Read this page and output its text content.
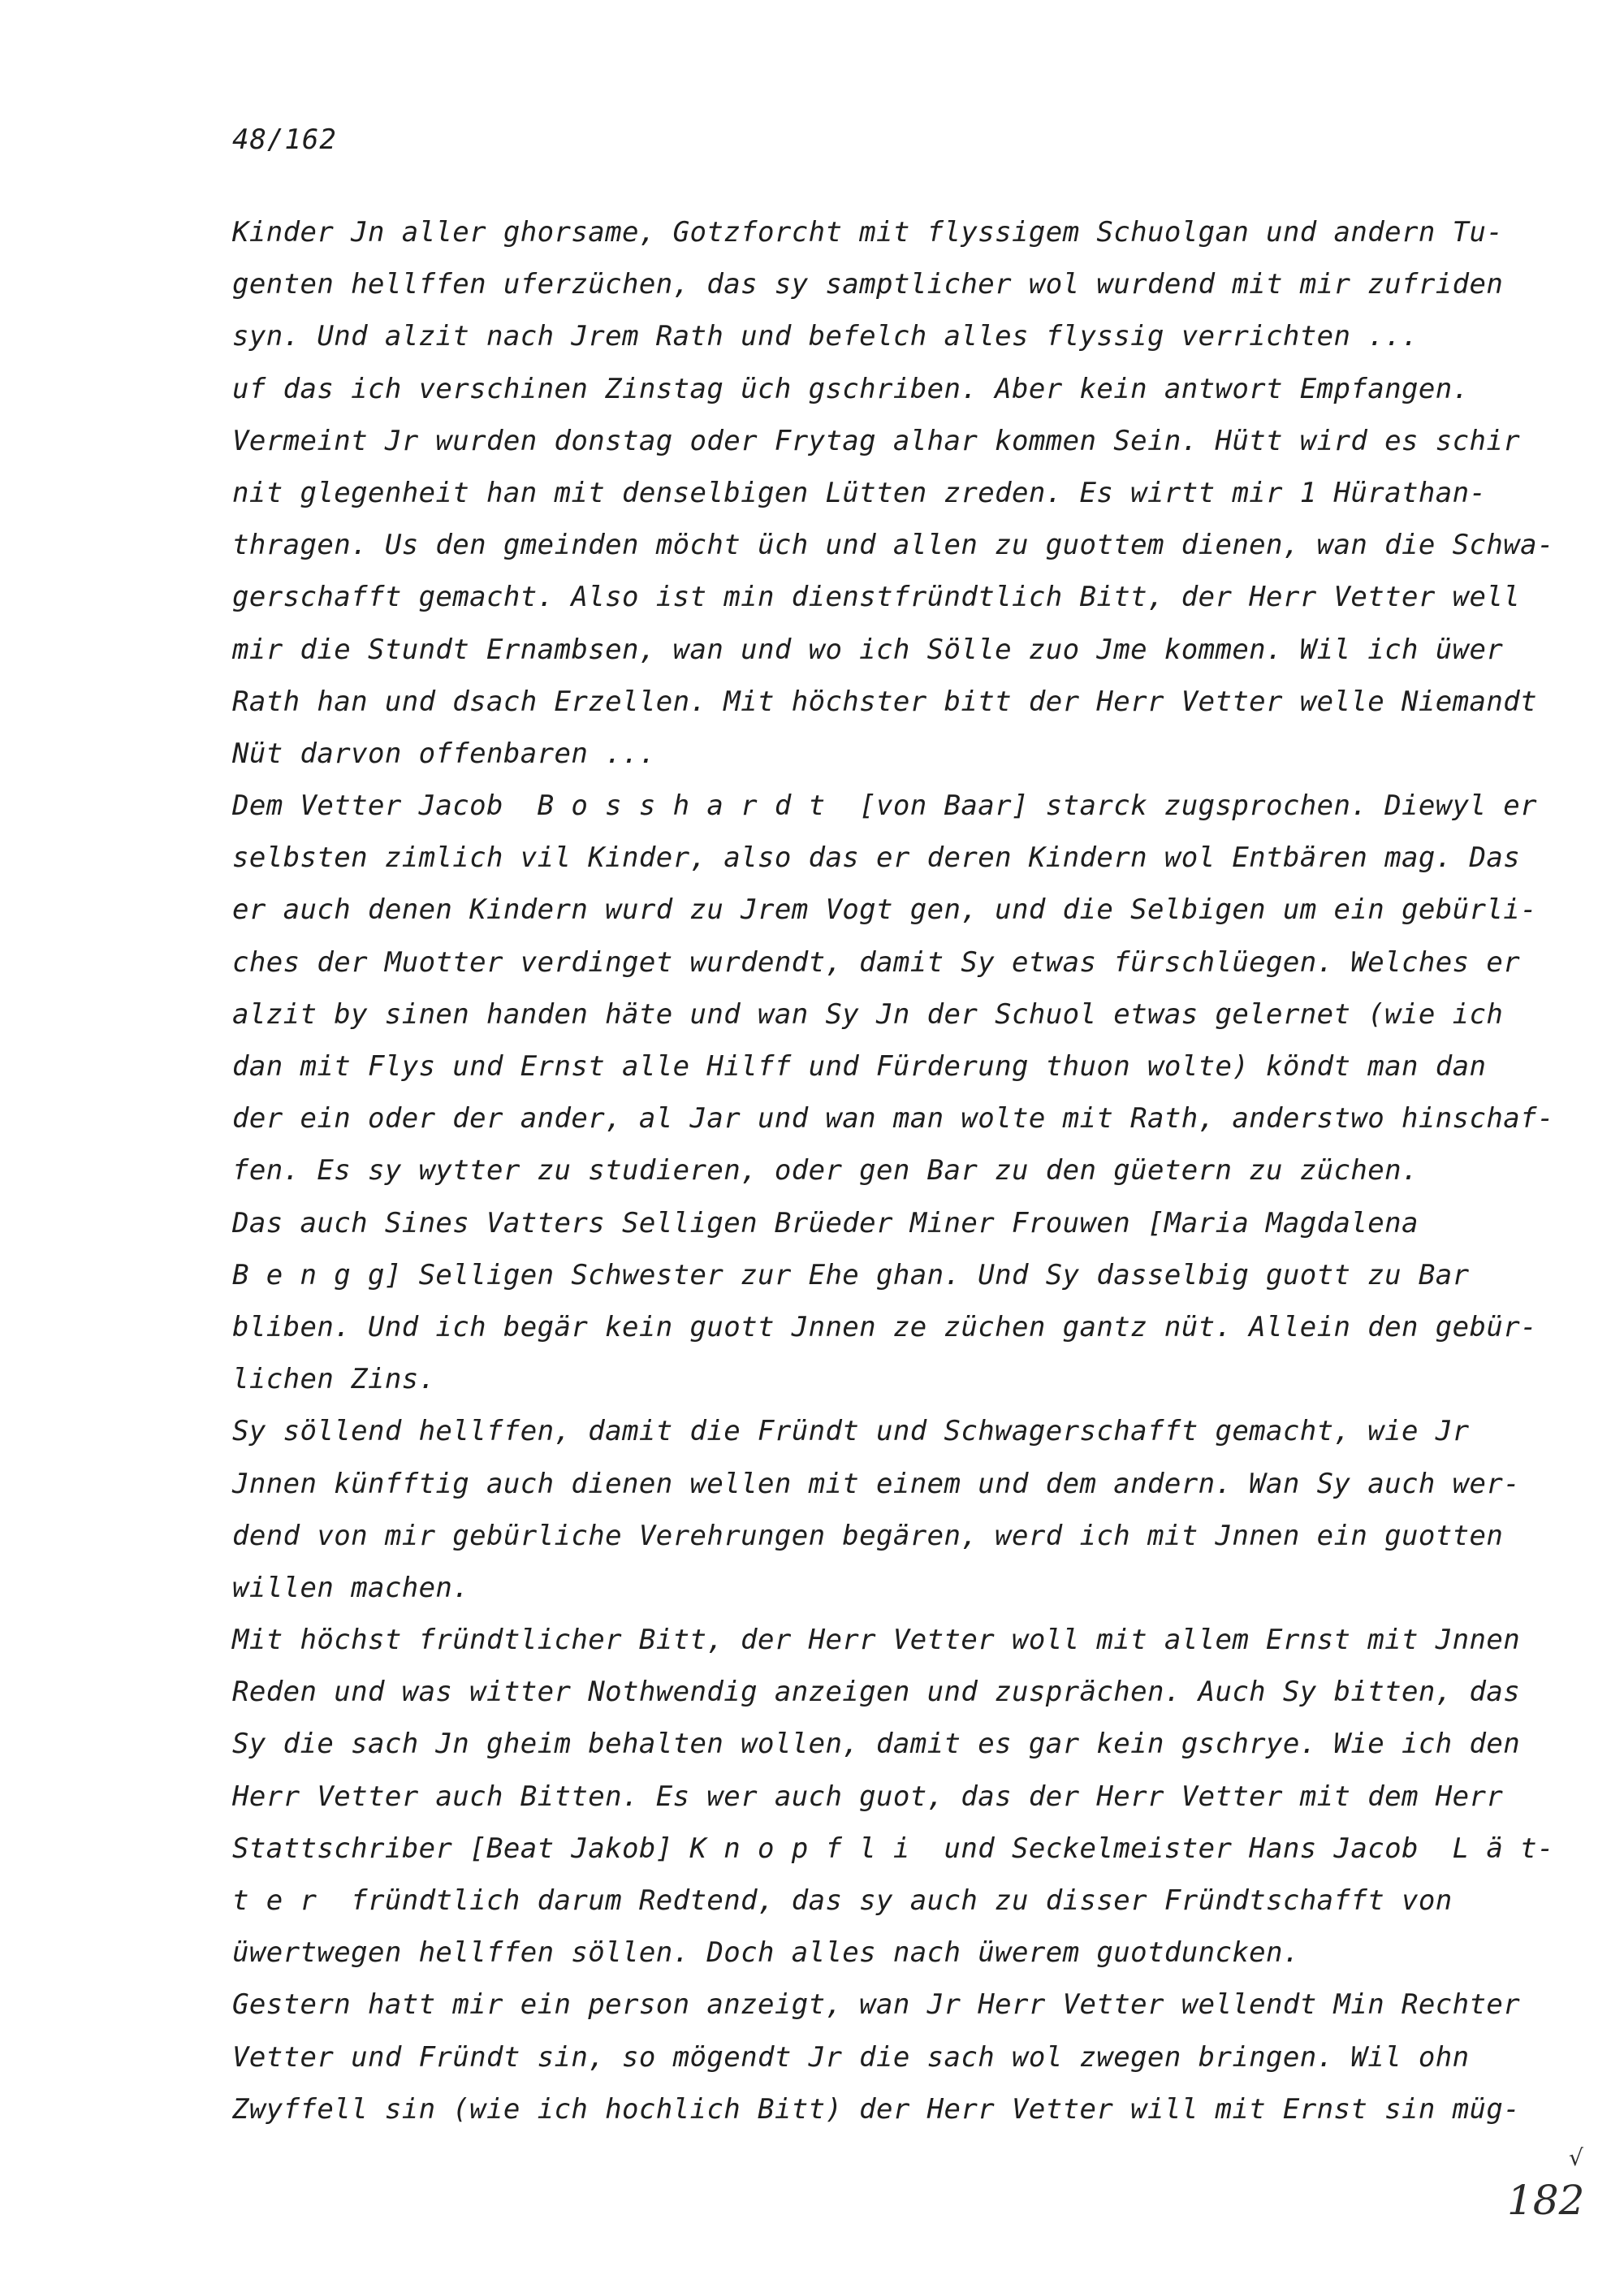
48/162
Kinder Jn aller ghorsame, Gotzforcht mit flyssigem Schuolgan und andern Tu-
genten hellffen uferzüchen, das sy samptlicher wol wurdend mit mir zufriden
syn. Und alzit nach Jrem Rath und befelch alles flyssig verrichten ...
uf das ich verschinen Zinstag üch gschriben. Aber kein antwort Empfangen.
Vermeint Jr wurden donstag oder Frytag alhar kommen Sein. Hütt wird es schir
nit glegenheit han mit denselbigen Lütten zreden. Es wirtt mir 1 Hürathan-
thragen. Us den gmeinden möcht üch und allen zu guottem dienen, wan die Schwa-
gerschafft gemacht. Also ist min dienstfründtlich Bitt, der Herr Vetter well
mir die Stundt Ernambsen, wan und wo ich Sölle zuo Jme kommen. Wil ich üwer
Rath han und dsach Erzellen. Mit höchster bitt der Herr Vetter welle Niemandt
Nüt darvon offenbaren ...
Dem Vetter Jacob  B o s s h a r d t  [von Baar] starck zugsprochen. Diewyl er
selbsten zimlich vil Kinder, also das er deren Kindern wol Entbären mag. Das
er auch denen Kindern wurd zu Jrem Vogt gen, und die Selbigen um ein gebürli-
ches der Muotter verdinget wurdendt, damit Sy etwas fürschlüegen. Welches er
alzit by sinen handen häte und wan Sy Jn der Schuol etwas gelernet (wie ich
dan mit Flys und Ernst alle Hilff und Fürderung thuon wolte) köndt man dan
der ein oder der ander, al Jar und wan man wolte mit Rath, anderstwo hinschaf-
fen. Es sy wytter zu studieren, oder gen Bar zu den güetern zu züchen.
Das auch Sines Vatters Selligen Brüeder Miner Frouwen [Maria Magdalena
B e n g g] Selligen Schwester zur Ehe ghan. Und Sy dasselbig guott zu Bar
bliben. Und ich begär kein guott Jnnen ze züchen gantz nüt. Allein den gebür-
lichen Zins.
Sy söllend hellffen, damit die Fründt und Schwagerschafft gemacht, wie Jr
Jnnen künfftig auch dienen wellen mit einem und dem andern. Wan Sy auch wer-
dend von mir gebürliche Verehrungen begären, werd ich mit Jnnen ein guotten
willen machen.
Mit höchst fründtlicher Bitt, der Herr Vetter woll mit allem Ernst mit Jnnen
Reden und was witter Nothwendig anzeigen und zusprächen. Auch Sy bitten, das
Sy die sach Jn gheim behalten wollen, damit es gar kein gschrye. Wie ich den
Herr Vetter auch Bitten. Es wer auch guot, das der Herr Vetter mit dem Herr
Stattschriber [Beat Jakob] K n o p f l i  und Seckelmeister Hans Jacob  L ä t-
t e r  fründtlich darum Redtend, das sy auch zu disser Fründtschafft von
üwertwegen hellffen söllen. Doch alles nach üwerem guotduncken.
Gestern hatt mir ein person anzeigt, wan Jr Herr Vetter wellendt Min Rechter
Vetter und Fründt sin, so mögendt Jr die sach wol zwegen bringen. Wil ohn
Zwyffell sin (wie ich hochlich Bitt) der Herr Vetter will mit Ernst sin müg-
√
182
